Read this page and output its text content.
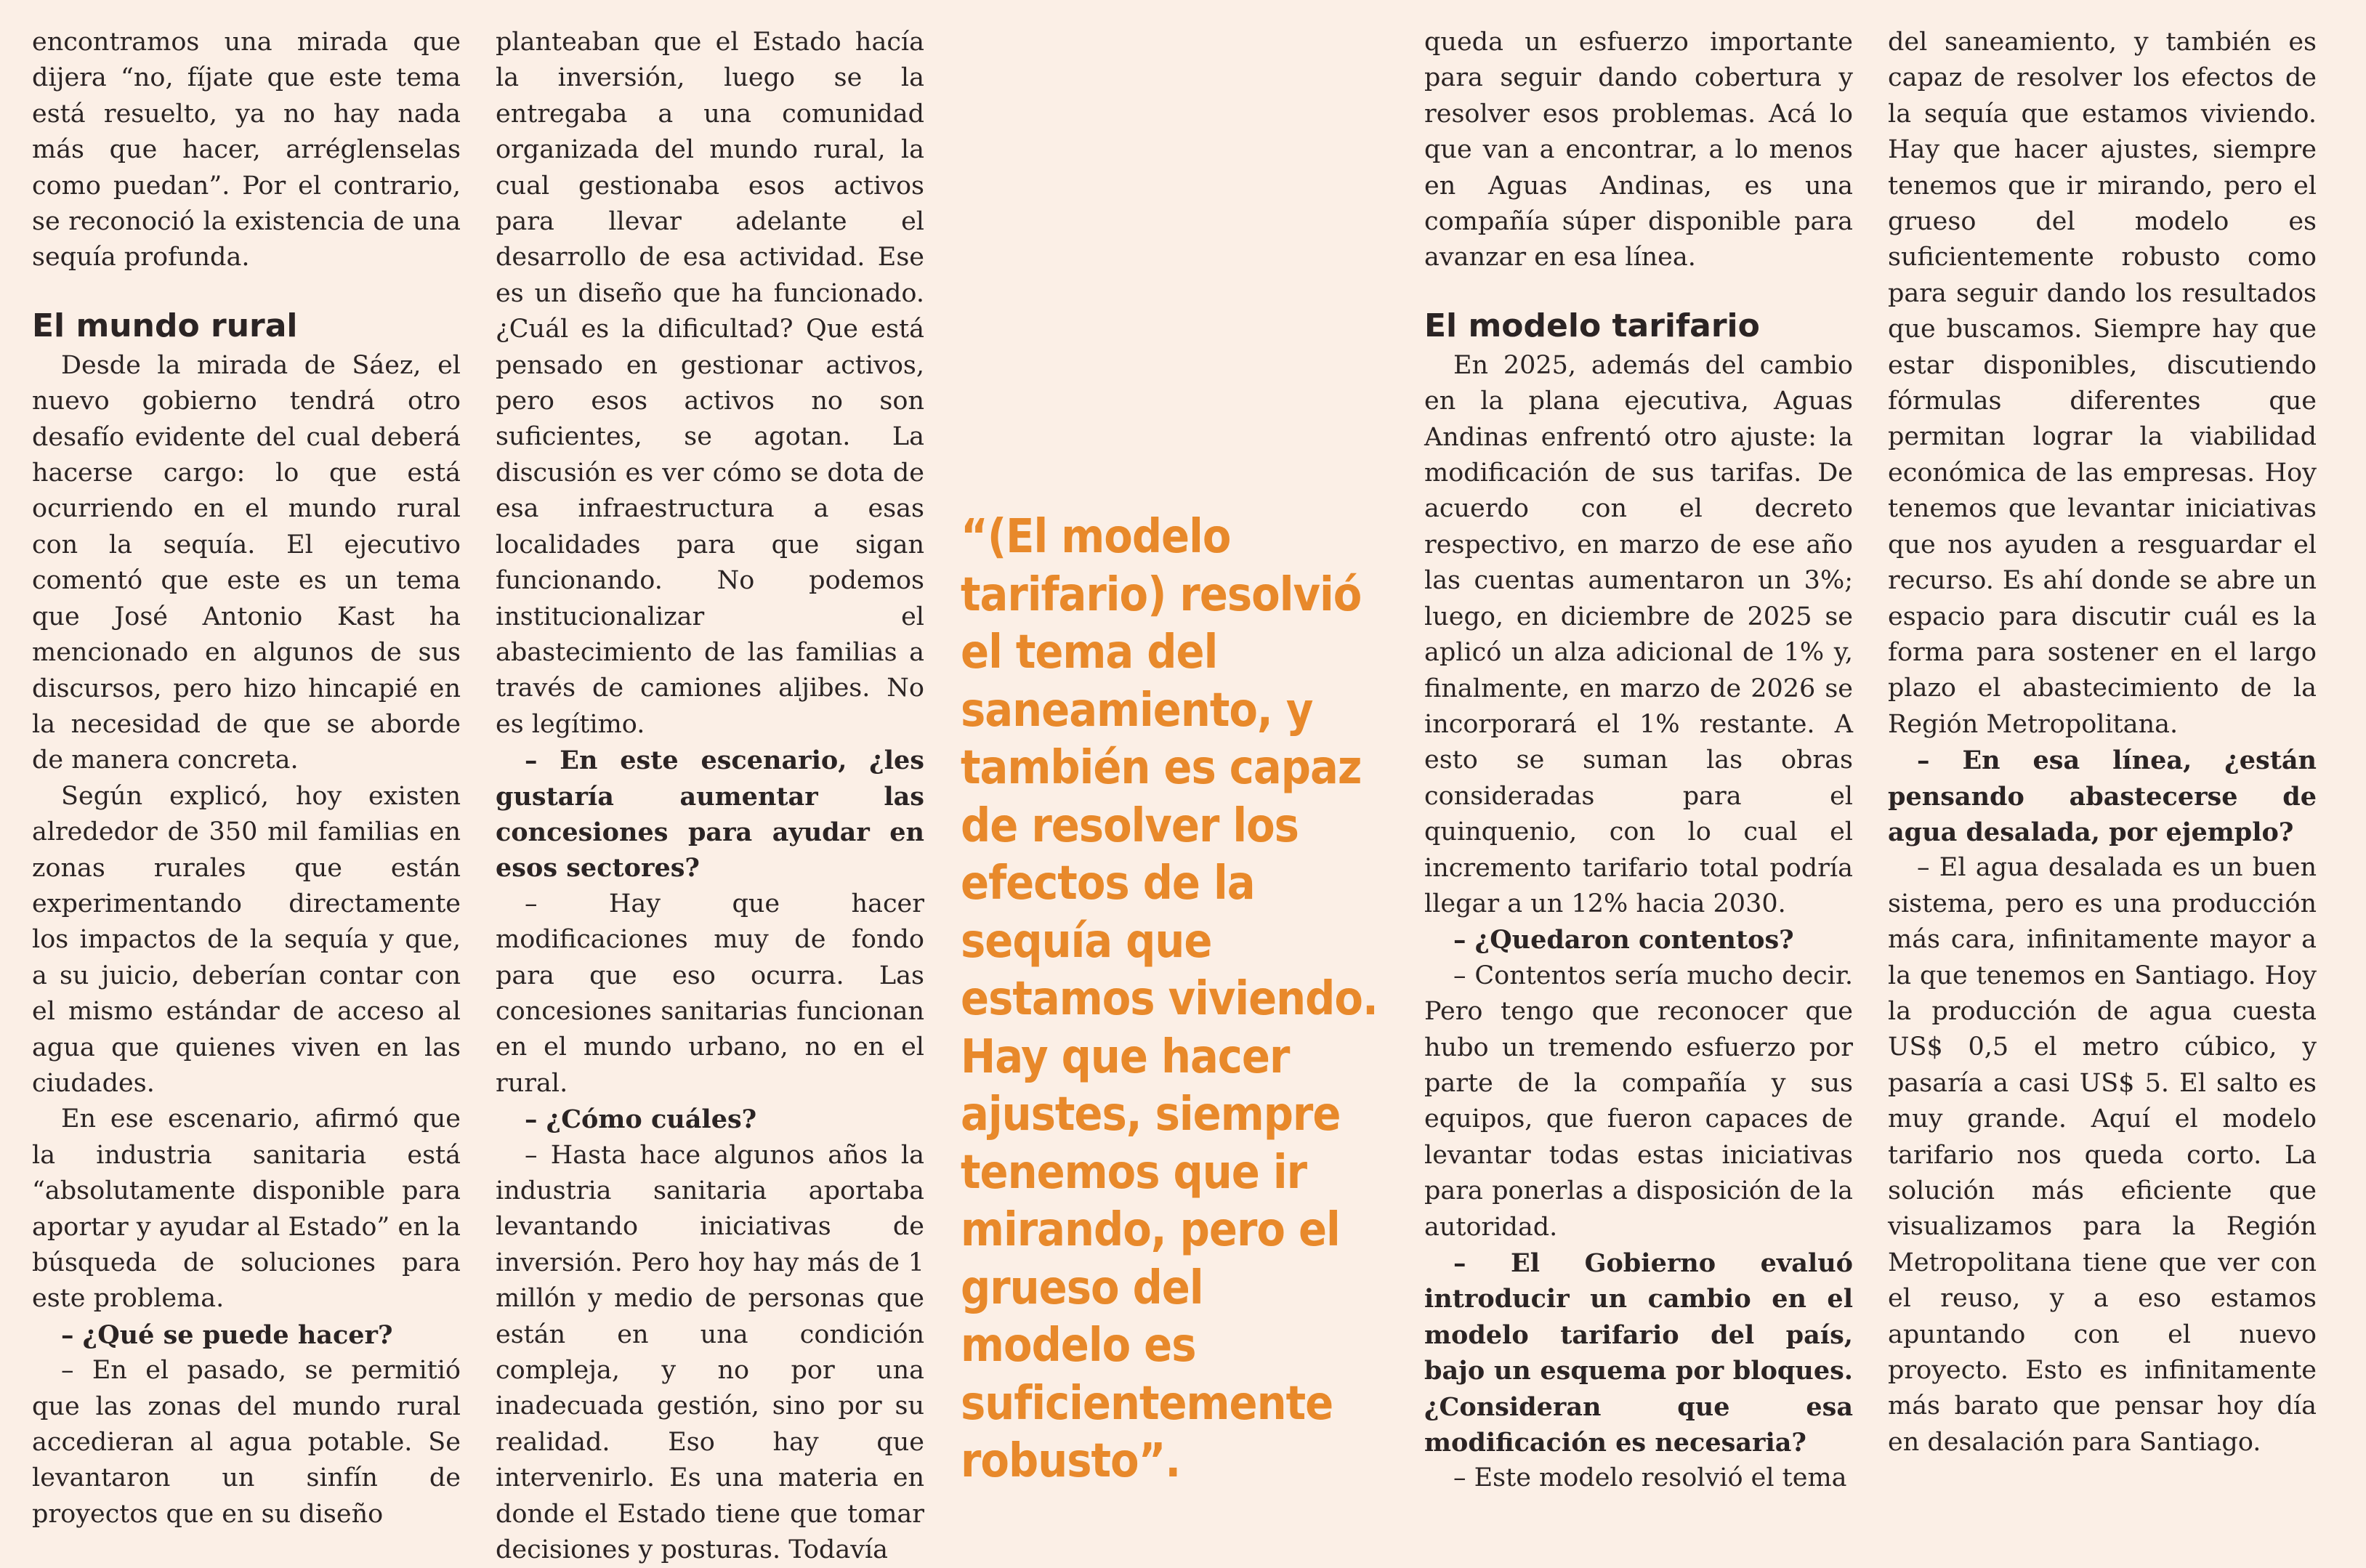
encontramos una mirada que dijera “no, fíjate que este tema está resuelto, ya no hay nada más que hacer, arréglenselas como puedan”. Por el contrario, se reconoció la existencia de una sequía profunda.

El mundo rural

Desde la mirada de Sáez, el nuevo gobierno tendrá otro desafío evidente del cual deberá hacerse cargo: lo que está ocurriendo en el mundo rural con la sequía. El ejecutivo comentó que este es un tema que José Antonio Kast ha mencionado en algunos de sus discursos, pero hizo hincapié en la necesidad de que se aborde de manera concreta.

Según explicó, hoy existen alrededor de 350 mil familias en zonas rurales que están experimentando directamente los impactos de la sequía y que, a su juicio, deberían contar con el mismo estándar de acceso al agua que quienes viven en las ciudades.

En ese escenario, afirmó que la industria sanitaria está “absolutamente disponible para aportar y ayudar al Estado” en la búsqueda de soluciones para este problema.

– ¿Qué se puede hacer?

– En el pasado, se permitió que las zonas del mundo rural accedieran al agua potable. Se levantaron un sinfín de proyectos que en su diseño

planteaban que el Estado hacía la inversión, luego se la entregaba a una comunidad organizada del mundo rural, la cual gestionaba esos activos para llevar adelante el desarrollo de esa actividad. Ese es un diseño que ha funcionado. ¿Cuál es la dificultad? Que está pensado en gestionar activos, pero esos activos no son suficientes, se agotan. La discusión es ver cómo se dota de esa infraestructura a esas localidades para que sigan funcionando. No podemos institucionalizar el abastecimiento de las familias a través de camiones aljibes. No es legítimo.

– En este escenario, ¿les gustaría aumentar las concesiones para ayudar en esos sectores?

– Hay que hacer modificaciones muy de fondo para que eso ocurra. Las concesiones sanitarias funcionan en el mundo urbano, no en el rural.

– ¿Cómo cuáles?

– Hasta hace algunos años la industria sanitaria aportaba levantando iniciativas de inversión. Pero hoy hay más de 1 millón y medio de personas que están en una condición compleja, y no por una inadecuada gestión, sino por su realidad. Eso hay que intervenirlo. Es una materia en donde el Estado tiene que tomar decisiones y posturas. Todavía

“(El modelo tarifario) resolvió el tema del saneamiento, y también es capaz de resolver los efectos de la sequía que estamos viviendo. Hay que hacer ajustes, siempre tenemos que ir mirando, pero el grueso del modelo es suficientemente robusto”.

queda un esfuerzo importante para seguir dando cobertura y resolver esos problemas. Acá lo que van a encontrar, a lo menos en Aguas Andinas, es una compañía súper disponible para avanzar en esa línea.

El modelo tarifario

En 2025, además del cambio en la plana ejecutiva, Aguas Andinas enfrentó otro ajuste: la modificación de sus tarifas. De acuerdo con el decreto respectivo, en marzo de ese año las cuentas aumentaron un 3%; luego, en diciembre de 2025 se aplicó un alza adicional de 1% y, finalmente, en marzo de 2026 se incorporará el 1% restante. A esto se suman las obras consideradas para el quinquenio, con lo cual el incremento tarifario total podría llegar a un 12% hacia 2030.

– ¿Quedaron contentos?

– Contentos sería mucho decir. Pero tengo que reconocer que hubo un tremendo esfuerzo por parte de la compañía y sus equipos, que fueron capaces de levantar todas estas iniciativas para ponerlas a disposición de la autoridad.

– El Gobierno evaluó introducir un cambio en el modelo tarifario del país, bajo un esquema por bloques. ¿Consideran que esa modificación es necesaria?

– Este modelo resolvió el tema

del saneamiento, y también es capaz de resolver los efectos de la sequía que estamos viviendo. Hay que hacer ajustes, siempre tenemos que ir mirando, pero el grueso del modelo es suficientemente robusto como para seguir dando los resultados que buscamos. Siempre hay que estar disponibles, discutiendo fórmulas diferentes que permitan lograr la viabilidad económica de las empresas. Hoy tenemos que levantar iniciativas que nos ayuden a resguardar el recurso. Es ahí donde se abre un espacio para discutir cuál es la forma para sostener en el largo plazo el abastecimiento de la Región Metropolitana.

– En esa línea, ¿están pensando abastecerse de agua desalada, por ejemplo?

– El agua desalada es un buen sistema, pero es una producción más cara, infinitamente mayor a la que tenemos en Santiago. Hoy la producción de agua cuesta US$ 0,5 el metro cúbico, y pasaría a casi US$ 5. El salto es muy grande. Aquí el modelo tarifario nos queda corto. La solución más eficiente que visualizamos para la Región Metropolitana tiene que ver con el reuso, y a eso estamos apuntando con el nuevo proyecto. Esto es infinitamente más barato que pensar hoy día en desalación para Santiago.
